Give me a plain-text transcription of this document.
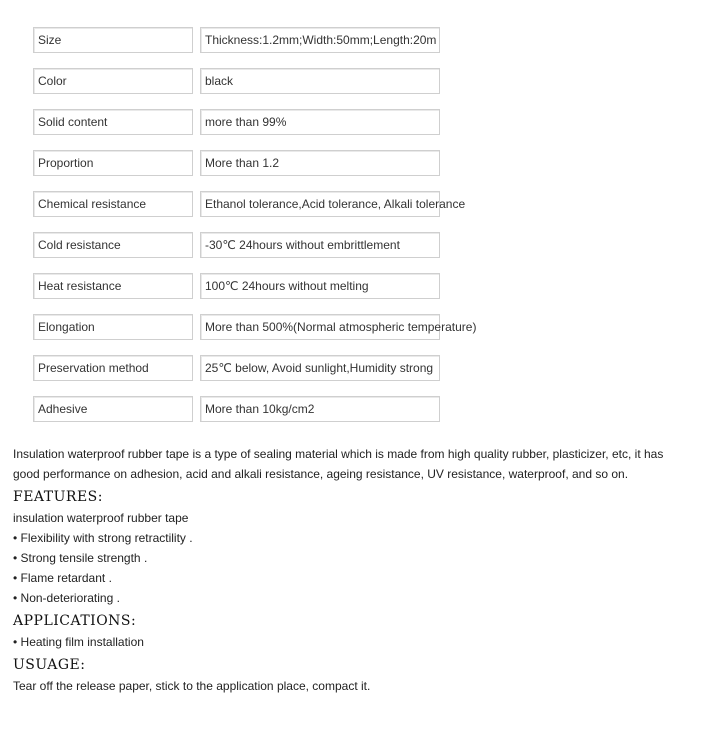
Size	Thickness:1.2mm;Width:50mm;Length:20m
Color	black
Solid content	more than 99%
Proportion	More than 1.2
Chemical resistance	Ethanol tolerance,Acid tolerance, Alkali tolerance
Cold resistance	-30℃ 24hours without embrittlement
Heat resistance	100℃ 24hours without melting
Elongation	More than 500%(Normal atmospheric temperature)
Preservation method	25℃ below, Avoid sunlight,Humidity strong
Adhesive	More than 10kg/cm2

Insulation waterproof rubber tape is a type of sealing material which is made from high quality rubber, plasticizer, etc, it has

good performance on adhesion, acid and alkali resistance, ageing resistance, UV resistance, waterproof, and so on.

FEATURES:

insulation waterproof rubber tape

• Flexibility with strong retractility .

• Strong tensile strength .

• Flame retardant .

• Non-deteriorating .

APPLICATIONS:

• Heating film installation

USUAGE:

Tear off the release paper, stick to the application place, compact it.
